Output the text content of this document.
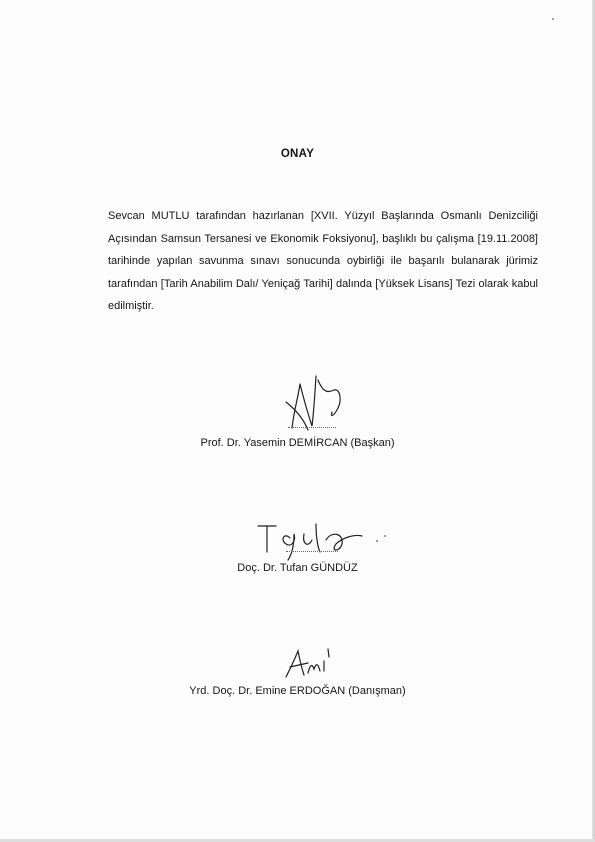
ONAY
Sevcan MUTLU tarafından hazırlanan [XVII. Yüzyıl Başlarında Osmanlı Denizciliği Açısından Samsun Tersanesi ve Ekonomik Foksiyonu], başlıklı bu çalışma [19.11.2008] tarihinde yapılan savunma sınavı sonucunda oybirliği ile başarılı bulanarak jürimiz tarafından [Tarih Anabilim Dalı/ Yeniçağ Tarihi] dalında [Yüksek Lisans] Tezi olarak kabul edilmiştir.
Prof. Dr. Yasemin DEMİRCAN (Başkan)
Doç. Dr. Tufan GÜNDÜZ
Yrd. Doç. Dr. Emine ERDOĞAN (Danışman)
